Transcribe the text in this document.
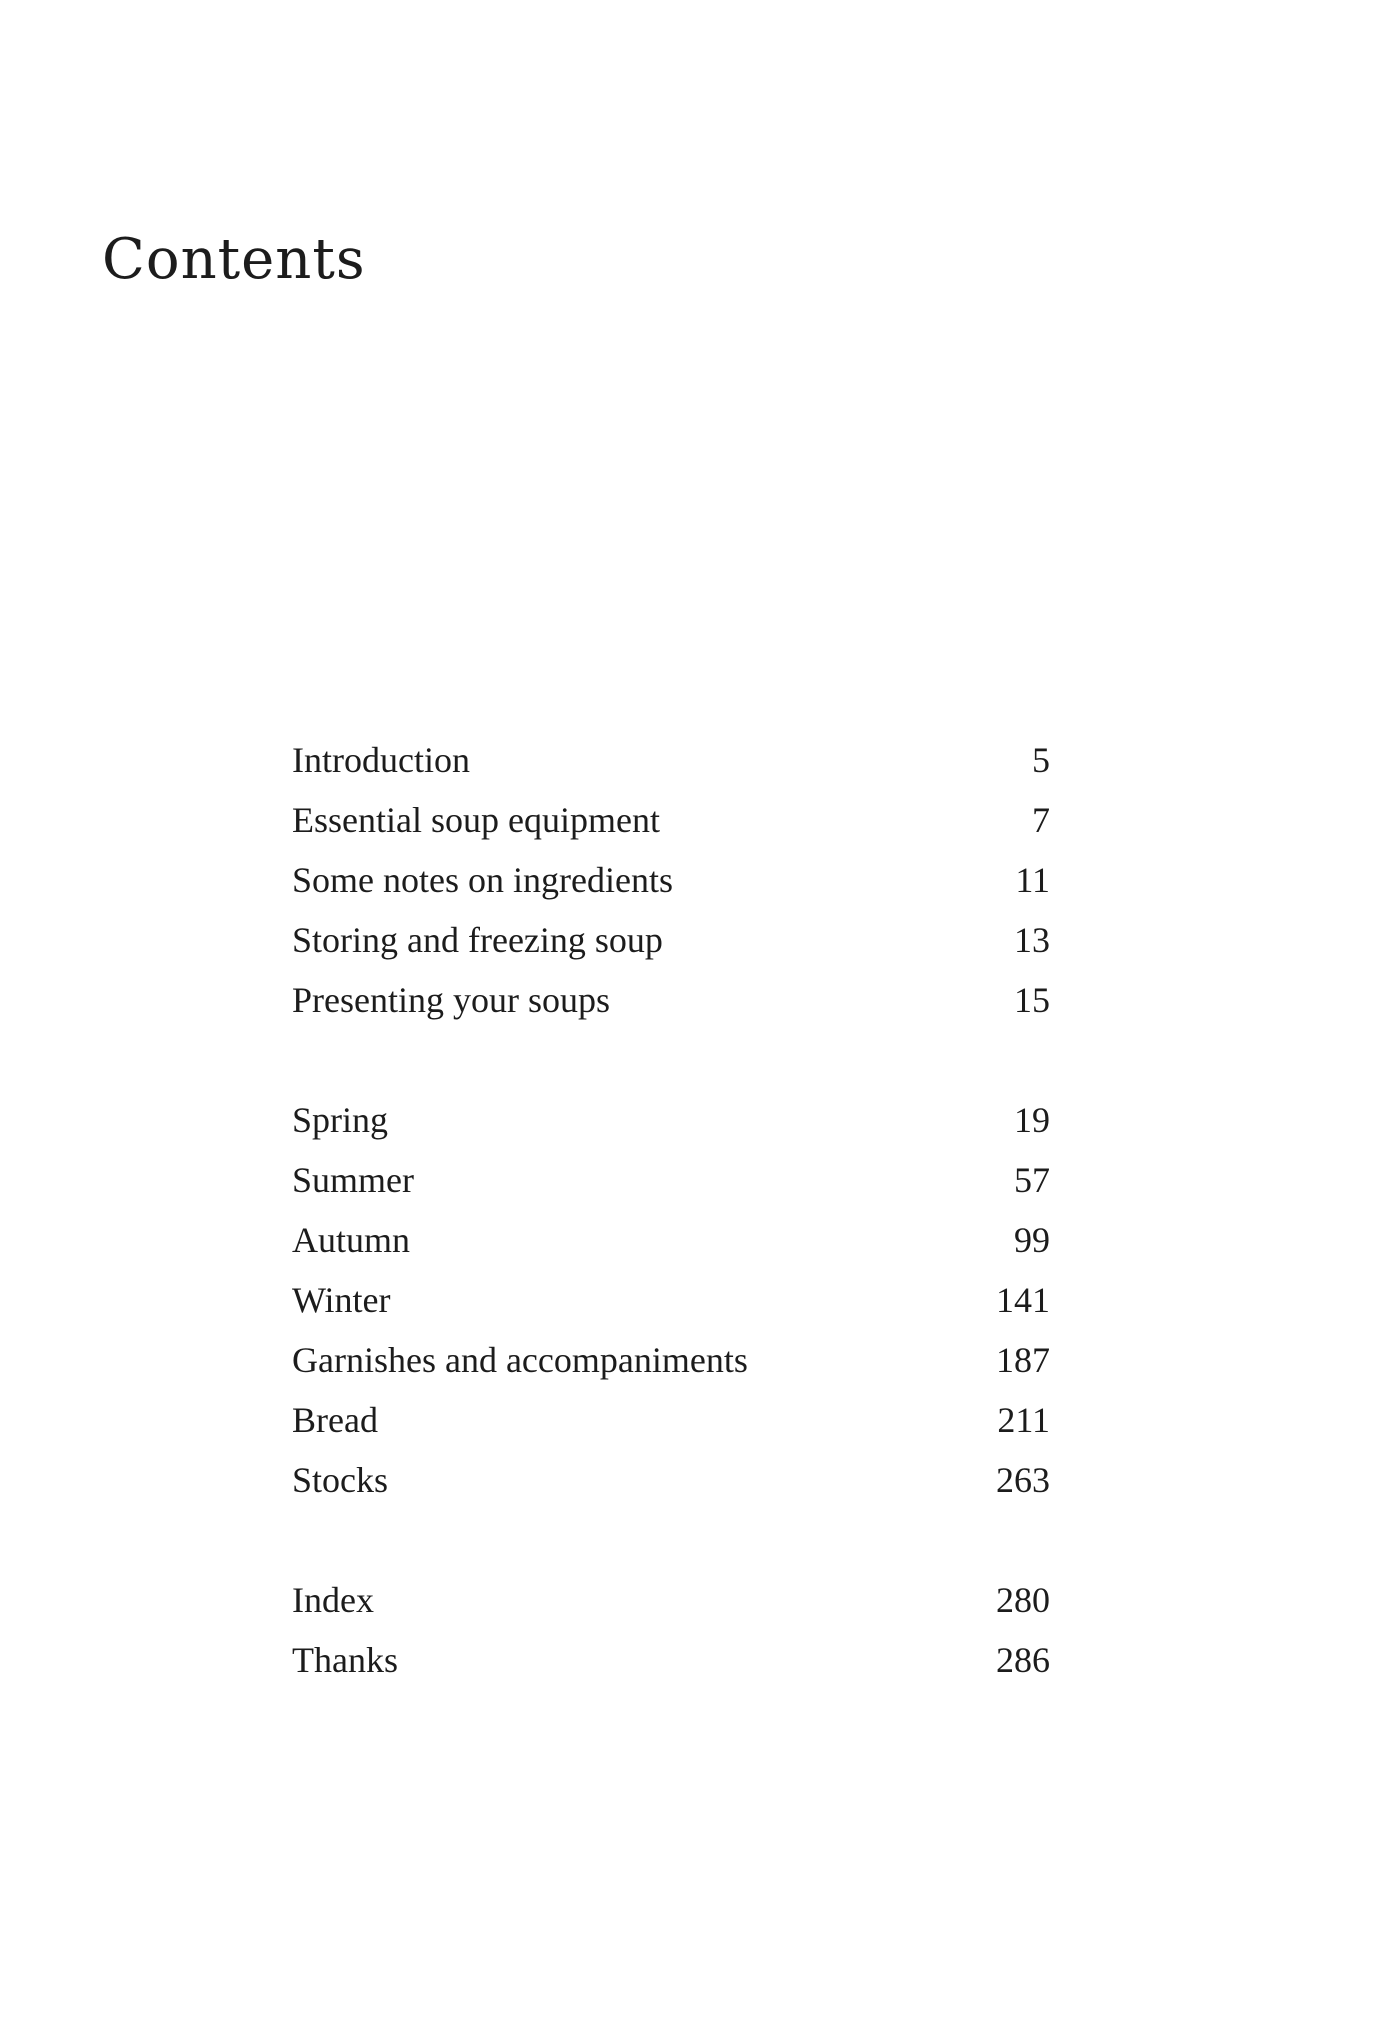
Contents
Introduction	5
Essential soup equipment	7
Some notes on ingredients	11
Storing and freezing soup	13
Presenting your soups	15
Spring	19
Summer	57
Autumn	99
Winter	141
Garnishes and accompaniments	187
Bread	211
Stocks	263
Index	280
Thanks	286
